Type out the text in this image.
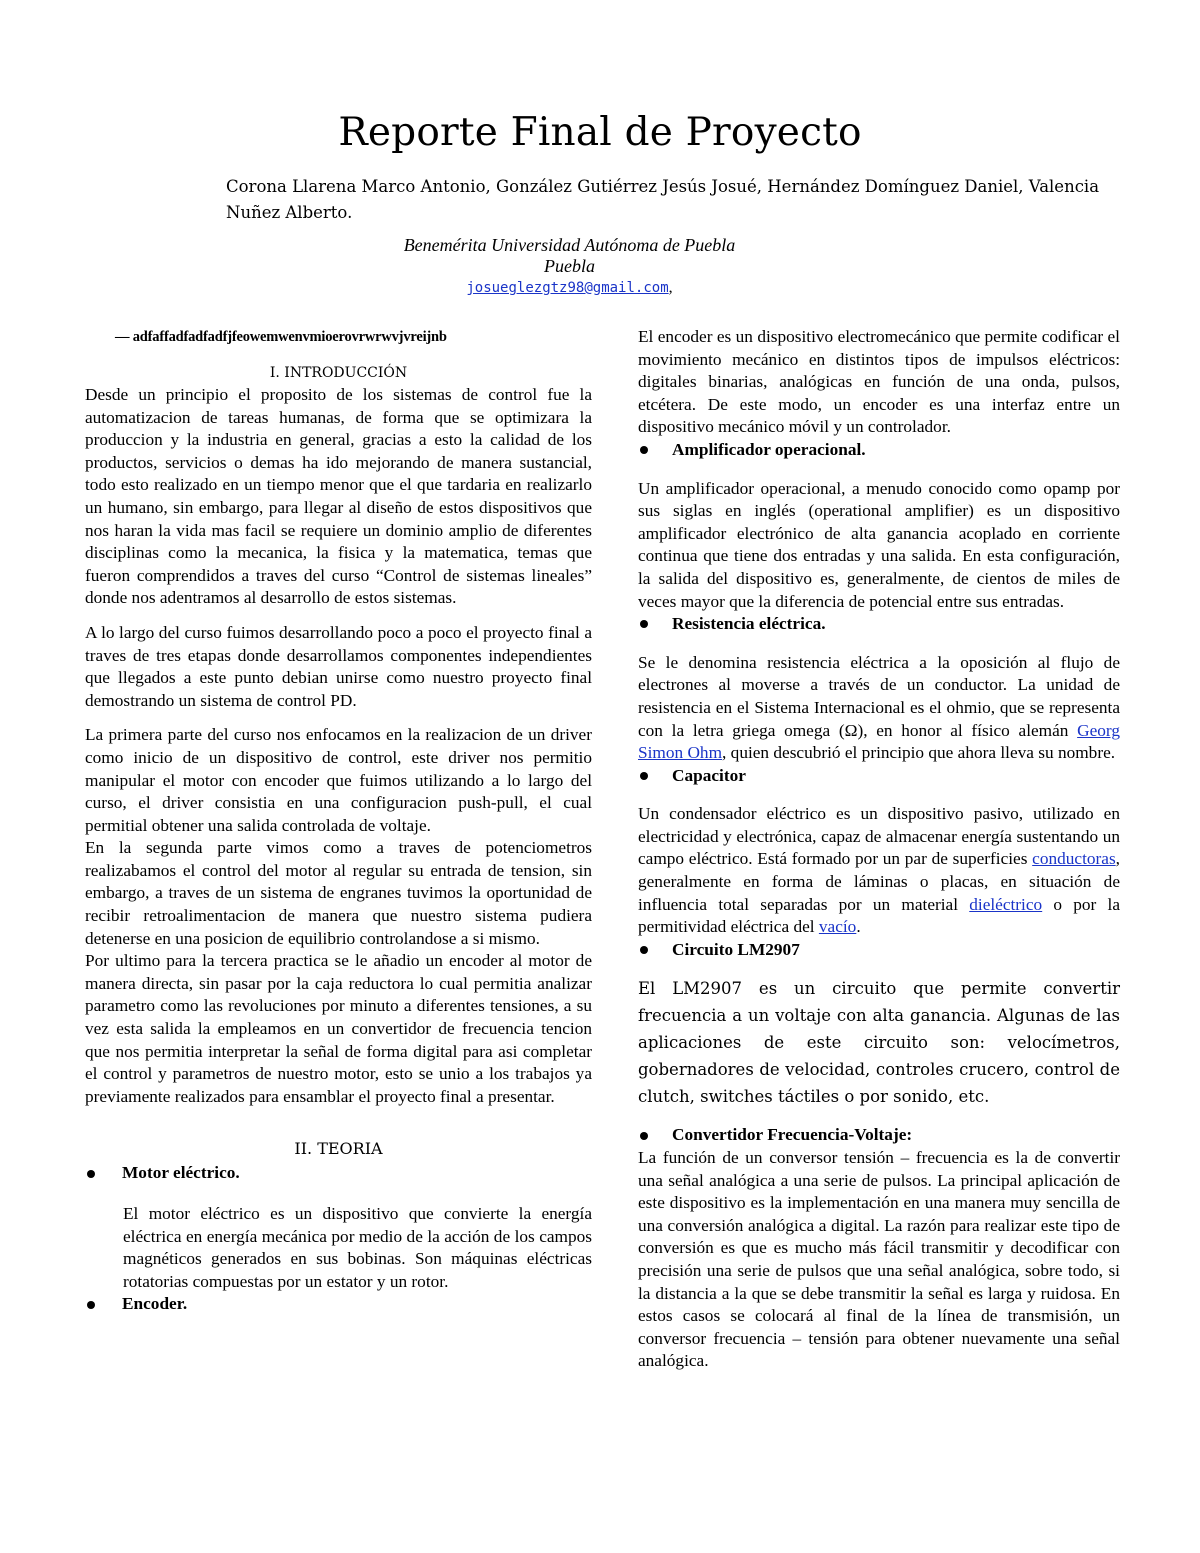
Reporte Final de Proyecto
Corona Llarena Marco Antonio, González Gutiérrez Jesús Josué, Hernández Domínguez Daniel, Valencia Nuñez Alberto.
Benemérita Universidad Autónoma de Puebla
Puebla
josueglezgtz98@gmail.com,
— adfaffadfadfadfjfeowemwenvmioerovrwrwvjvreijnb
I. INTRODUCCIÓN

Desde un principio el proposito de los sistemas de control fue la automatizacion de tareas humanas, de forma que se optimizara la produccion y la industria en general, gracias a esto la calidad de los productos, servicios o demas ha ido mejorando de manera sustancial, todo esto realizado en un tiempo menor que el que tardaria en realizarlo un humano, sin embargo, para llegar al diseño de estos dispositivos que nos haran la vida mas facil se requiere un dominio amplio de diferentes disciplinas como la mecanica, la fisica y la matematica, temas que fueron comprendidos a traves del curso “Control de sistemas lineales” donde nos adentramos al desarrollo de estos sistemas.

A lo largo del curso fuimos desarrollando poco a poco el proyecto final a traves de tres etapas donde desarrollamos componentes independientes que llegados a este punto debian unirse como nuestro proyecto final demostrando un sistema de control PD.

La primera parte del curso nos enfocamos en la realizacion de un driver como inicio de un dispositivo de control, este driver nos permitio manipular el motor con encoder que fuimos utilizando a lo largo del curso, el driver consistia en una configuracion push-pull, el cual permitial obtener una salida controlada de voltaje.

En la segunda parte vimos como a traves de potenciometros realizabamos el control del motor al regular su entrada de tension, sin embargo, a traves de un sistema de engranes tuvimos la oportunidad de recibir retroalimentacion de manera que nuestro sistema pudiera detenerse en una posicion de equilibrio controlandose a si mismo.

Por ultimo para la tercera practica se le añadio un encoder al motor de manera directa, sin pasar por la caja reductora lo cual permitia analizar parametro como las revoluciones por minuto a diferentes tensiones, a su vez esta salida la empleamos en un convertidor de frecuencia tencion que nos permitia interpretar la señal de forma digital para asi completar el control y parametros de nuestro motor, esto se unio a los trabajos ya previamente realizados para ensamblar el proyecto final a presentar.

II. TEORIA
Motor eléctrico.

El motor eléctrico es un dispositivo que convierte la energía eléctrica en energía mecánica por medio de la acción de los campos magnéticos generados en sus bobinas. Son máquinas eléctricas rotatorias compuestas por un estator y un rotor.

Encoder.

El encoder es un dispositivo electromecánico que permite codificar el movimiento mecánico en distintos tipos de impulsos eléctricos: digitales binarias, analógicas en función de una onda, pulsos, etcétera. De este modo, un encoder es una interfaz entre un dispositivo mecánico móvil y un controlador.

Amplificador operacional.

Un amplificador operacional, a menudo conocido como opamp por sus siglas en inglés (operational amplifier) es un dispositivo amplificador electrónico de alta ganancia acoplado en corriente continua que tiene dos entradas y una salida. En esta configuración, la salida del dispositivo es, generalmente, de cientos de miles de veces mayor que la diferencia de potencial entre sus entradas.

Resistencia eléctrica.

Se le denomina resistencia eléctrica a la oposición al flujo de electrones al moverse a través de un conductor. La unidad de resistencia en el Sistema Internacional es el ohmio, que se representa con la letra griega omega (Ω), en honor al físico alemán Georg Simon Ohm, quien descubrió el principio que ahora lleva su nombre.

Capacitor

Un condensador eléctrico es un dispositivo pasivo, utilizado en electricidad y electrónica, capaz de almacenar energía sustentando un campo eléctrico. Está formado por un par de superficies conductoras, generalmente en forma de láminas o placas, en situación de influencia total separadas por un material dieléctrico o por la permitividad eléctrica del vacío.

Circuito LM2907

El LM2907 es un circuito que permite convertir frecuencia a un voltaje con alta ganancia. Algunas de las aplicaciones de este circuito son: velocímetros, gobernadores de velocidad, controles crucero, control de clutch, switches táctiles o por sonido, etc.

Convertidor Frecuencia-Voltaje:

La función de un conversor tensión – frecuencia es la de convertir una señal analógica a una serie de pulsos. La principal aplicación de este dispositivo es la implementación en una manera muy sencilla de una conversión analógica a digital. La razón para realizar este tipo de conversión es que es mucho más fácil transmitir y decodificar con precisión una serie de pulsos que una señal analógica, sobre todo, si la distancia a la que se debe transmitir la señal es larga y ruidosa. En estos casos se colocará al final de la línea de transmisión, un conversor frecuencia – tensión para obtener nuevamente una señal analógica.
